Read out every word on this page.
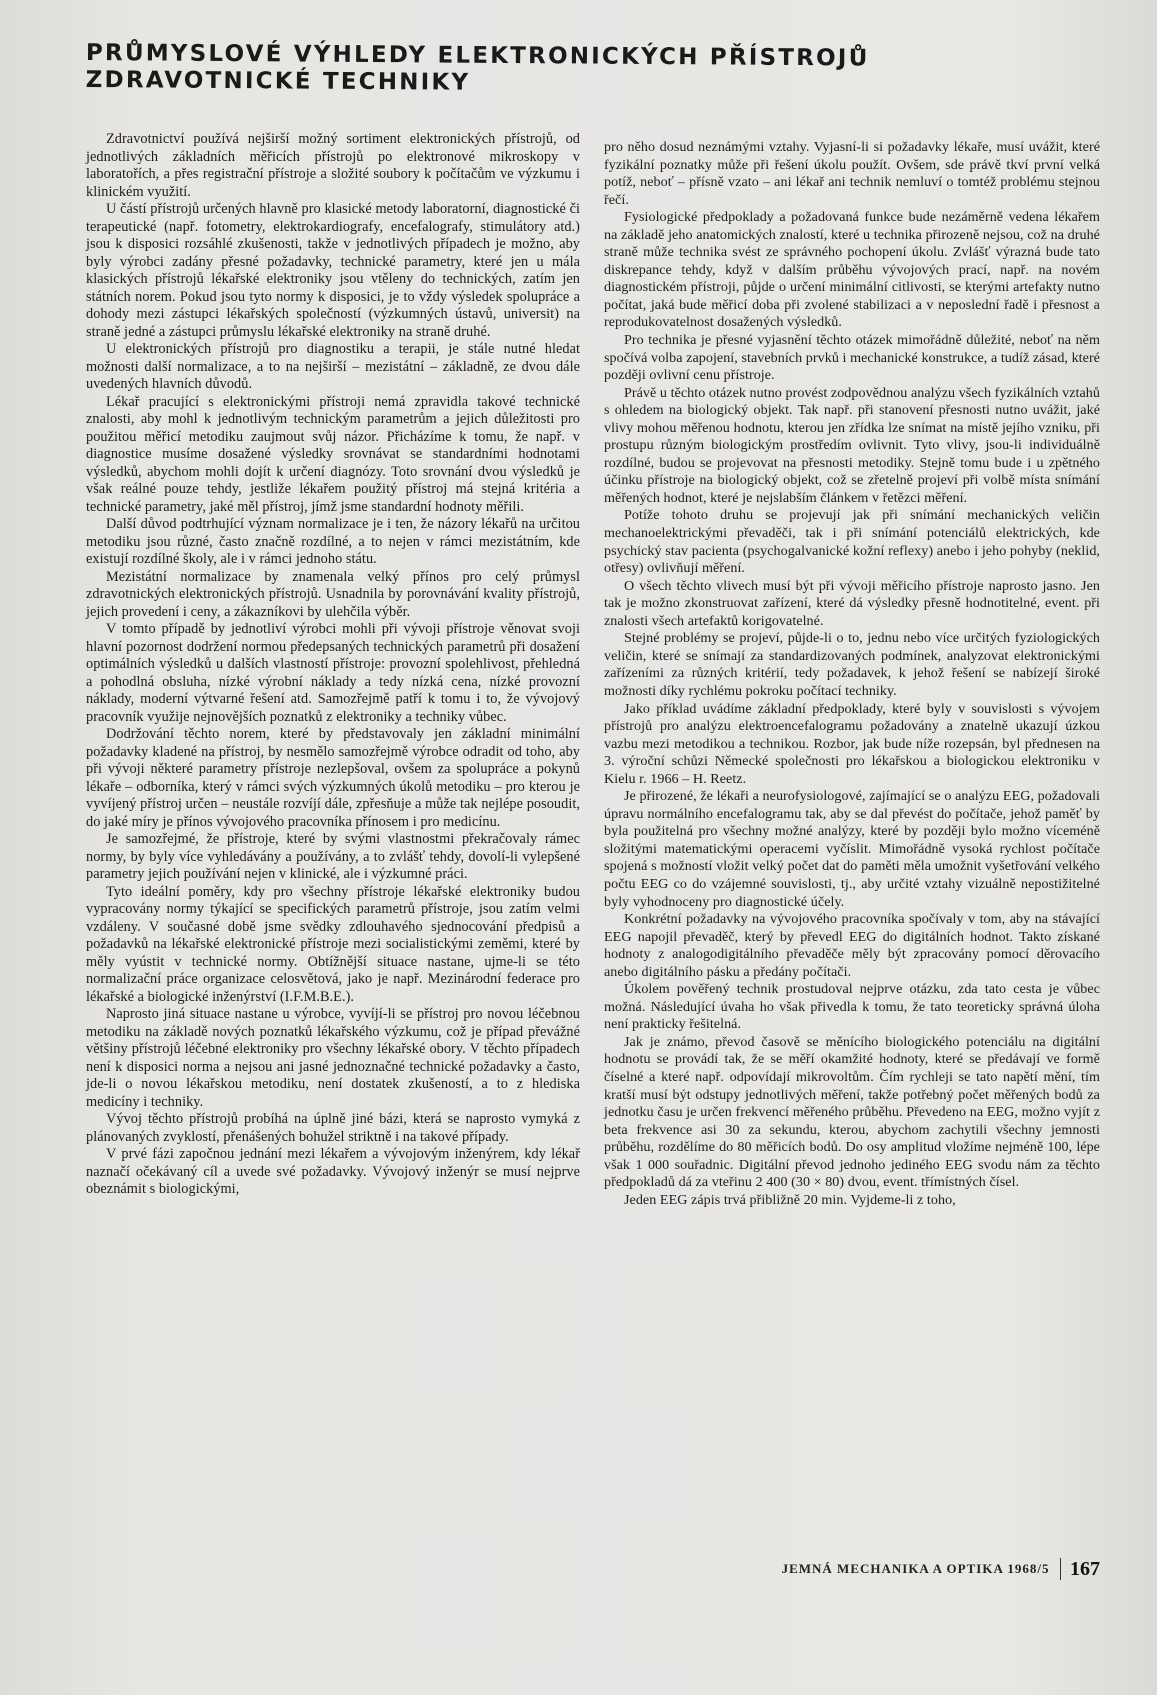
PRŮMYSLOVÉ VÝHLEDY ELEKTRONICKÝCH PŘÍSTROJŮ ZDRAVOTNICKÉ TECHNIKY

Zdravotnictví používá nejširší možný sortiment elektronických přístrojů, od jednotlivých základních měřicích přístrojů po elektronové mikroskopy v laboratořích, a přes registrační přístroje a složité soubory k počítačům ve výzkumu i klinickém využití.

U částí přístrojů určených hlavně pro klasické metody laboratorní, diagnostické či terapeutické (např. fotometry, elektrokardiografy, encefalografy, stimulátory atd.) jsou k disposici rozsáhlé zkušenosti, takže v jednotlivých případech je možno, aby byly výrobci zadány přesné požadavky, technické parametry, které jen u mála klasických přístrojů lékařské elektroniky jsou vtěleny do technických, zatím jen státních norem. Pokud jsou tyto normy k disposici, je to vždy výsledek spolupráce a dohody mezi zástupci lékařských společností (výzkumných ústavů, universit) na straně jedné a zástupci průmyslu lékařské elektroniky na straně druhé.

U elektronických přístrojů pro diagnostiku a terapii, je stále nutné hledat možnosti další normalizace, a to na nejširší – mezistátní – základně, ze dvou dále uvedených hlavních důvodů.

Lékař pracující s elektronickými přístroji nemá zpravidla takové technické znalosti, aby mohl k jednotlivým technickým parametrům a jejich důležitosti pro použitou měřicí metodiku zaujmout svůj názor. Přicházíme k tomu, že např. v diagnostice musíme dosažené výsledky srovnávat se standardními hodnotami výsledků, abychom mohli dojít k určení diagnózy. Toto srovnání dvou výsledků je však reálné pouze tehdy, jestliže lékařem použitý přístroj má stejná kritéria a technické parametry, jaké měl přístroj, jímž jsme standardní hodnoty měřili.

Další důvod podtrhující význam normalizace je i ten, že názory lékařů na určitou metodiku jsou různé, často značně rozdílné, a to nejen v rámci mezistátním, kde existují rozdílné školy, ale i v rámci jednoho státu.

Mezistátní normalizace by znamenala velký přínos pro celý průmysl zdravotnických elektronických přístrojů. Usnadnila by porovnávání kvality přístrojů, jejich provedení i ceny, a zákazníkovi by ulehčila výběr.

V tomto případě by jednotliví výrobci mohli při vývoji přístroje věnovat svoji hlavní pozornost dodržení normou předepsaných technických parametrů při dosažení optimálních výsledků u dalších vlastností přístroje: provozní spolehlivost, přehledná a pohodlná obsluha, nízké výrobní náklady a tedy nízká cena, nízké provozní náklady, moderní výtvarné řešení atd. Samozřejmě patří k tomu i to, že vývojový pracovník využije nejnovějších poznatků z elektroniky a techniky vůbec.

Dodržování těchto norem, které by představovaly jen základní minimální požadavky kladené na přístroj, by nesmělo samozřejmě výrobce odradit od toho, aby při vývoji některé parametry přístroje nezlepšoval, ovšem za spolupráce a pokynů lékaře – odborníka, který v rámci svých výzkumných úkolů metodiku – pro kterou je vyvíjený přístroj určen – neustále rozvíjí dále, zpřesňuje a může tak nejlépe posoudit, do jaké míry je přínos vývojového pracovníka přínosem i pro medicínu.

Je samozřejmé, že přístroje, které by svými vlastnostmi překračovaly rámec normy, by byly více vyhledávány a používány, a to zvlášť tehdy, dovolí-li vylepšené parametry jejich používání nejen v klinické, ale i výzkumné práci.

Tyto ideální poměry, kdy pro všechny přístroje lékařské elektroniky budou vypracovány normy týkající se specifických parametrů přístroje, jsou zatím velmi vzdáleny. V současné době jsme svědky zdlouhavého sjednocování předpisů a požadavků na lékařské elektronické přístroje mezi socialistickými zeměmi, které by měly vyústit v technické normy. Obtížnější situace nastane, ujme-li se této normalizační práce organizace celosvětová, jako je např. Mezinárodní federace pro lékařské a biologické inženýrství (I.F.M.B.E.).

Naprosto jiná situace nastane u výrobce, vyvíjí-li se přístroj pro novou léčebnou metodiku na základě nových poznatků lékařského výzkumu, což je případ převážné většiny přístrojů léčebné elektroniky pro všechny lékařské obory. V těchto případech není k disposici norma a nejsou ani jasné jednoznačné technické požadavky a často, jde-li o novou lékařskou metodiku, není dostatek zkušeností, a to z hlediska medicíny i techniky.

Vývoj těchto přístrojů probíhá na úplně jiné bázi, která se naprosto vymyká z plánovaných zvyklostí, přenášených bohužel striktně i na takové případy.

V prvé fázi započnou jednání mezi lékařem a vývojovým inženýrem, kdy lékař naznačí očekávaný cíl a uvede své požadavky. Vývojový inženýr se musí nejprve obeznámit s biologickými,

pro něho dosud neznámými vztahy. Vyjasní-li si požadavky lékaře, musí uvážit, které fyzikální poznatky může při řešení úkolu použít. Ovšem, sde právě tkví první velká potíž, neboť – přísně vzato – ani lékař ani technik nemluví o tomtéž problému stejnou řečí.

Fysiologické předpoklady a požadovaná funkce bude nezáměrně vedena lékařem na základě jeho anatomických znalostí, které u technika přirozeně nejsou, což na druhé straně může technika svést ze správného pochopení úkolu. Zvlášť výrazná bude tato diskrepance tehdy, když v dalším průběhu vývojových prací, např. na novém diagnostickém přístroji, půjde o určení minimální citlivosti, se kterými artefakty nutno počítat, jaká bude měřicí doba při zvolené stabilizaci a v neposlední řadě i přesnost a reprodukovatelnost dosažených výsledků.

Pro technika je přesné vyjasnění těchto otázek mimořádně důležité, neboť na něm spočívá volba zapojení, stavebních prvků i mechanické konstrukce, a tudíž zásad, které později ovlivní cenu přístroje.

Právě u těchto otázek nutno provést zodpovědnou analýzu všech fyzikálních vztahů s ohledem na biologický objekt. Tak např. při stanovení přesnosti nutno uvážit, jaké vlivy mohou měřenou hodnotu, kterou jen zřídka lze snímat na místě jejího vzniku, při prostupu různým biologickým prostředím ovlivnit. Tyto vlivy, jsou-li individuálně rozdílné, budou se projevovat na přesnosti metodiky. Stejně tomu bude i u zpětného účinku přístroje na biologický objekt, což se zřetelně projeví při volbě místa snímání měřených hodnot, které je nejslabším článkem v řetězci měření.

Potíže tohoto druhu se projevují jak při snímání mechanických veličin mechanoelektrickými převaděči, tak i při snímání potenciálů elektrických, kde psychický stav pacienta (psychogalvanické kožní reflexy) anebo i jeho pohyby (neklid, otřesy) ovlivňují měření.

O všech těchto vlivech musí být při vývoji měřicího přístroje naprosto jasno. Jen tak je možno zkonstruovat zařízení, které dá výsledky přesně hodnotitelné, event. při znalosti všech artefaktů korigovatelné.

Stejné problémy se projeví, půjde-li o to, jednu nebo více určitých fyziologických veličin, které se snímají za standardizovaných podmínek, analyzovat elektronickými zařízeními za různých kritérií, tedy požadavek, k jehož řešení se nabízejí široké možnosti díky rychlému pokroku počítací techniky.

Jako příklad uvádíme základní předpoklady, které byly v souvislosti s vývojem přístrojů pro analýzu elektroencefalogramu požadovány a znatelně ukazují úzkou vazbu mezi metodikou a technikou. Rozbor, jak bude níže rozepsán, byl přednesen na 3. výroční schůzi Německé společnosti pro lékařskou a biologickou elektroniku v Kielu r. 1966 – H. Reetz.

Je přirozené, že lékaři a neurofysiologové, zajímající se o analýzu EEG, požadovali úpravu normálního encefalogramu tak, aby se dal převést do počítače, jehož paměť by byla použitelná pro všechny možné analýzy, které by později bylo možno víceméně složitými matematickými operacemi vyčíslit. Mimořádně vysoká rychlost počítače spojená s možností vložit velký počet dat do paměti měla umožnit vyšetřování velkého počtu EEG co do vzájemné souvislosti, tj., aby určité vztahy vizuálně nepostižitelné byly vyhodnoceny pro diagnostické účely.

Konkrétní požadavky na vývojového pracovníka spočívaly v tom, aby na stávající EEG napojil převaděč, který by převedl EEG do digitálních hodnot. Takto získané hodnoty z analogodigitálního převaděče měly být zpracovány pomocí děrovacího anebo digitálního pásku a předány počítači.

Úkolem pověřený technik prostudoval nejprve otázku, zda tato cesta je vůbec možná. Následující úvaha ho však přivedla k tomu, že tato teoreticky správná úloha není prakticky řešitelná.

Jak je známo, převod časově se měnícího biologického potenciálu na digitální hodnotu se provádí tak, že se měří okamžité hodnoty, které se předávají ve formě číselné a které např. odpovídají mikrovoltům. Čím rychleji se tato napětí mění, tím kratší musí být odstupy jednotlivých měření, takže potřebný počet měřených bodů za jednotku času je určen frekvencí měřeného průběhu. Převedeno na EEG, možno vyjít z beta frekvence asi 30 za sekundu, kterou, abychom zachytili všechny jemnosti průběhu, rozdělíme do 80 měřicích bodů. Do osy amplitud vložíme nejméně 100, lépe však 1 000 souřadnic. Digitální převod jednoho jediného EEG svodu nám za těchto předpokladů dá za vteřinu 2 400 (30 × 80) dvou, event. třímístných čísel.

Jeden EEG zápis trvá přibližně 20 min. Vyjdeme-li z toho,

JEMNÁ MECHANIKA A OPTIKA 1968/5 167
